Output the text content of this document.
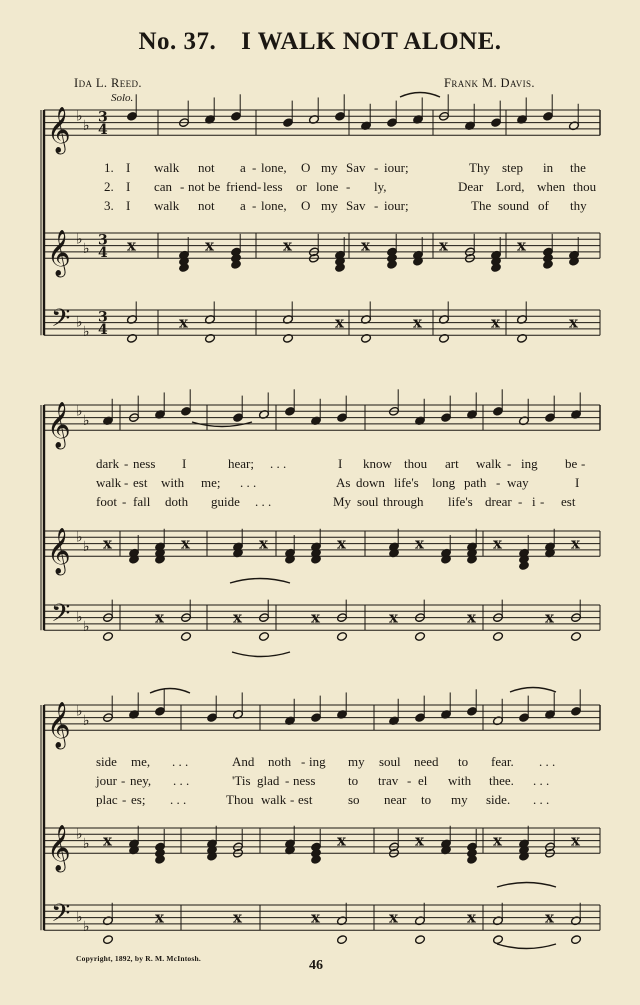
No. 37. I WALK NOT ALONE.
Ida L. Reed.	Frank M. Davis.
Solo.
𝄞
𝄞
𝄢
♭
♭
♭
♭
♭
♭
3
4
3
4
3
4
x	x	x	x	x	x
x	x	x	x	x
𝄞
𝄞
𝄢
♭
♭
♭
♭
♭
♭
x	x	x	x	x	x	x
x	x	x	x	x	x
𝄞
𝄞
𝄢
♭
♭
♭
♭
♭
♭
x	x	x	x	x
x	x	x	x	x	x
1. I walk not a - lone, O my Sav - iour;	Thy step in the
2. I can - not be friend - less or lone - ly,	Dear Lord, when thou
3. I walk not a - lone, O my Sav - iour;	The sound of thy
dark - ness I	hear; . . .	I know thou art walk - ing be -
walk - est with me; . . .	As down life's long path - way	I
foot - fall doth guide . . .	My soul through life's drear - i - est
side me, . . .	And noth - ing my soul need to fear. . . .
jour - ney, . . .	'Tis glad - ness	to trav - el with thee. . . .
plac - es; . . .	Thou walk - est	so near to my side. . . .
Copyright, 1892, by R. M. McIntosh.	46
